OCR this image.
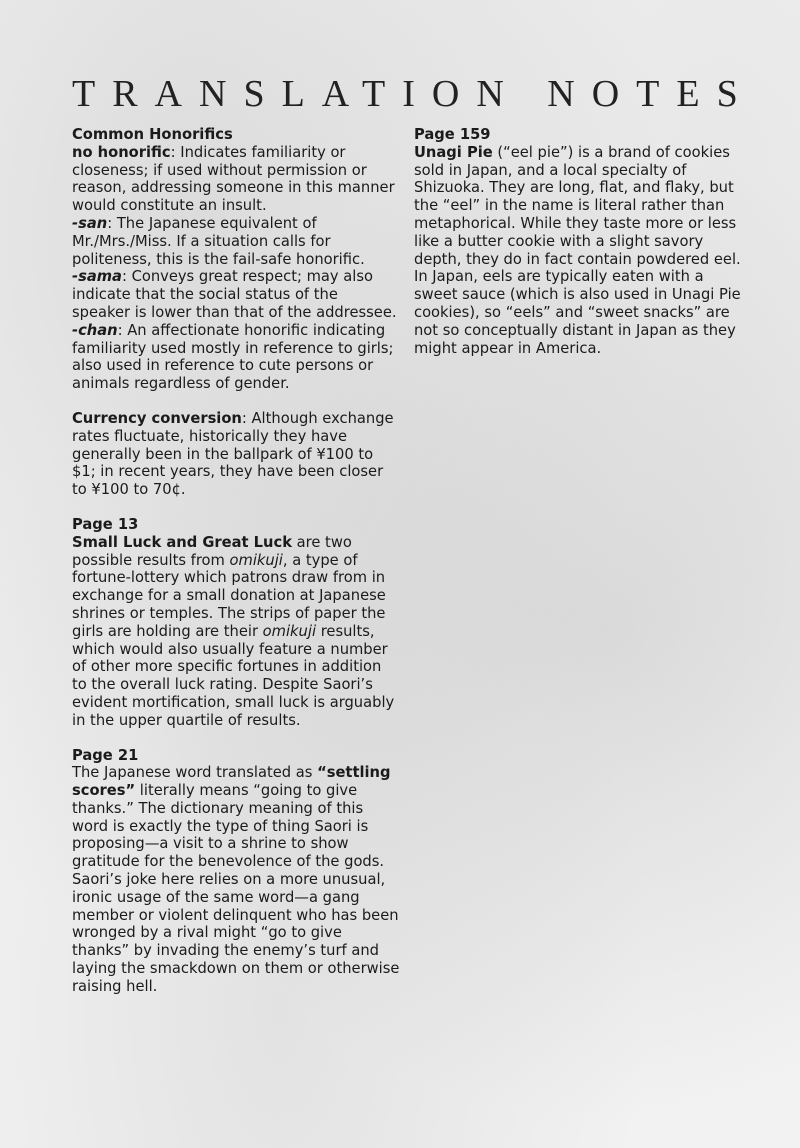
TRANSLATION NOTES

Common Honorifics

no honorific: Indicates familiarity or closeness; if used without permission or reason, addressing someone in this manner would constitute an insult.

-san: The Japanese equivalent of Mr./Mrs./Miss. If a situation calls for politeness, this is the fail-safe honorific.

-sama: Conveys great respect; may also indicate that the social status of the speaker is lower than that of the addressee.

-chan: An affectionate honorific indicating familiarity used mostly in reference to girls; also used in reference to cute persons or animals regardless of gender.

Currency conversion: Although exchange rates fluctuate, historically they have generally been in the ballpark of ¥100 to $1; in recent years, they have been closer to ¥100 to 70¢.

Page 13

Small Luck and Great Luck are two possible results from omikuji, a type of fortune-lottery which patrons draw from in exchange for a small donation at Japanese shrines or temples. The strips of paper the girls are holding are their omikuji results, which would also usually feature a number of other more specific fortunes in addition to the overall luck rating. Despite Saori’s evident mortification, small luck is arguably in the upper quartile of results.

Page 21

The Japanese word translated as “settling scores” literally means “going to give thanks.” The dictionary meaning of this word is exactly the type of thing Saori is proposing—a visit to a shrine to show gratitude for the benevolence of the gods. Saori’s joke here relies on a more unusual, ironic usage of the same word—a gang member or violent delinquent who has been wronged by a rival might “go to give thanks” by invading the enemy’s turf and laying the smackdown on them or otherwise raising hell.

Page 159

Unagi Pie (“eel pie”) is a brand of cookies sold in Japan, and a local specialty of Shizuoka. They are long, flat, and flaky, but the “eel” in the name is literal rather than metaphorical. While they taste more or less like a butter cookie with a slight savory depth, they do in fact contain powdered eel. In Japan, eels are typically eaten with a sweet sauce (which is also used in Unagi Pie cookies), so “eels” and “sweet snacks” are not so conceptually distant in Japan as they might appear in America.
